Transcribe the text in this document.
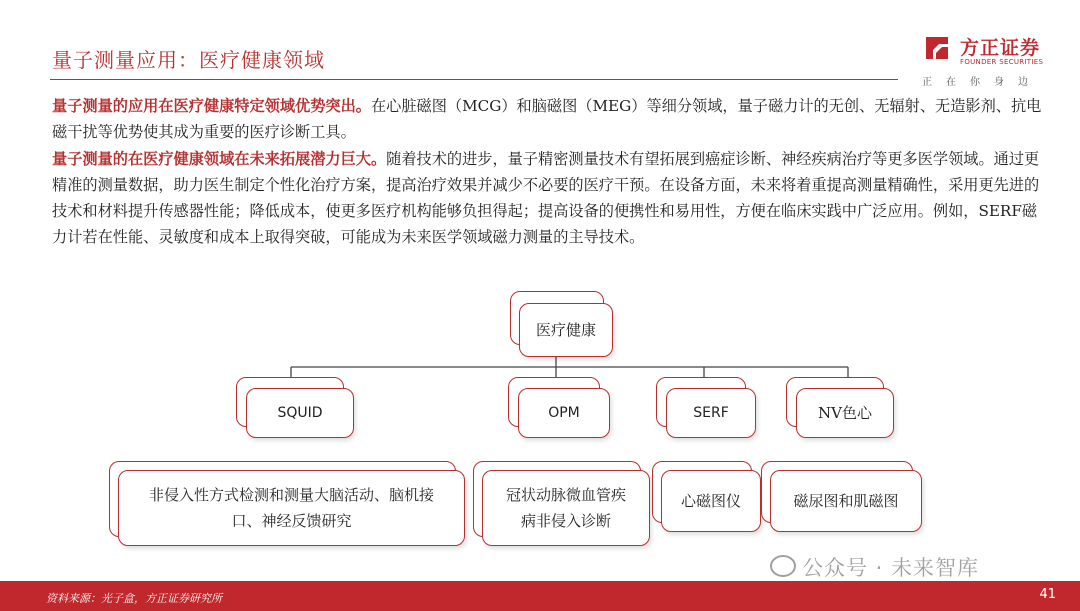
量子测量应用：医疗健康领域	方正证券
FOUNDER SECURITIES
正在你身边
量子测量的应用在医疗健康特定领域优势突出。在心脏磁图（MCG）和脑磁图（MEG）等细分领域，量子磁力计的无创、无辐射、无造影剂、抗电磁干扰等优势使其成为重要的医疗诊断工具。
量子测量的在医疗健康领域在未来拓展潜力巨大。随着技术的进步，量子精密测量技术有望拓展到癌症诊断、神经疾病治疗等更多医学领域。通过更精准的测量数据，助力医生制定个性化治疗方案，提高治疗效果并减少不必要的医疗干预。在设备方面，未来将着重提高测量精确性，采用更先进的技术和材料提升传感器性能；降低成本，使更多医疗机构能够负担得起；提高设备的便携性和易用性，方便在临床实践中广泛应用。例如，SERF磁力计若在性能、灵敏度和成本上取得突破，可能成为未来医学领域磁力测量的主导技术。
医疗健康
SQUID	OPM	SERF	NV色心
非侵入性方式检测和测量大脑活动、脑机接口、神经反馈研究
冠状动脉微血管疾病非侵入诊断
心磁图仪	磁尿图和肌磁图
公众号 · 未来智库
资料来源：光子盒，方正证券研究所	41
